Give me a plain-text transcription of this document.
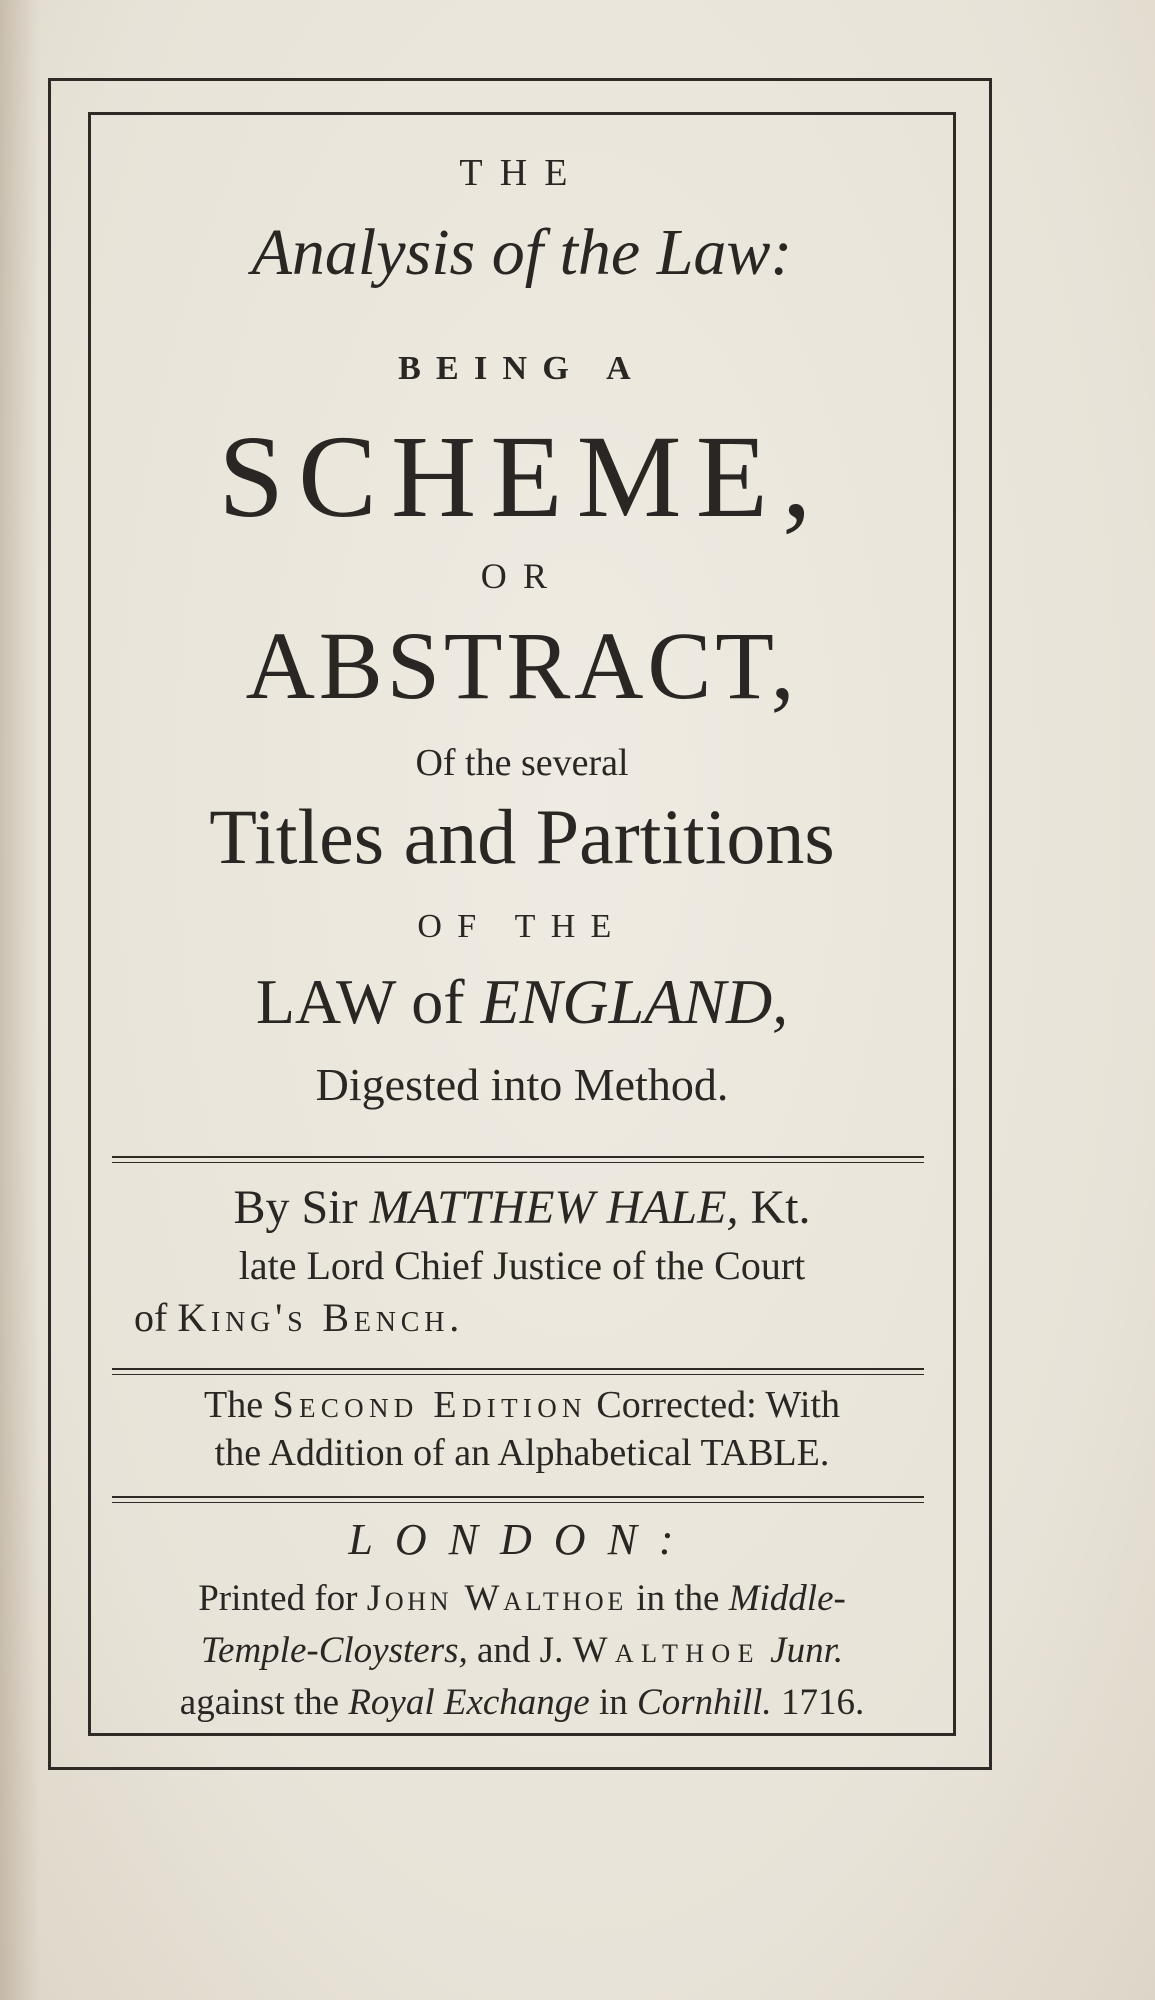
THE
Analysis of the Law:
BEING A
SCHEME,
OR
ABSTRACT,
Of the several
Titles and Partitions
OF THE
LAW of ENGLAND,
Digested into Method.
By Sir MATTHEW HALE, Kt.
late Lord Chief Justice of the Court
of King's Bench.
The Second Edition Corrected: With
the Addition of an Alphabetical TABLE.
LONDON:
Printed for John Walthoe in the Middle-
Temple-Cloysters, and J. Walthoe Junr.
against the Royal Exchange in Cornhill. 1716.
